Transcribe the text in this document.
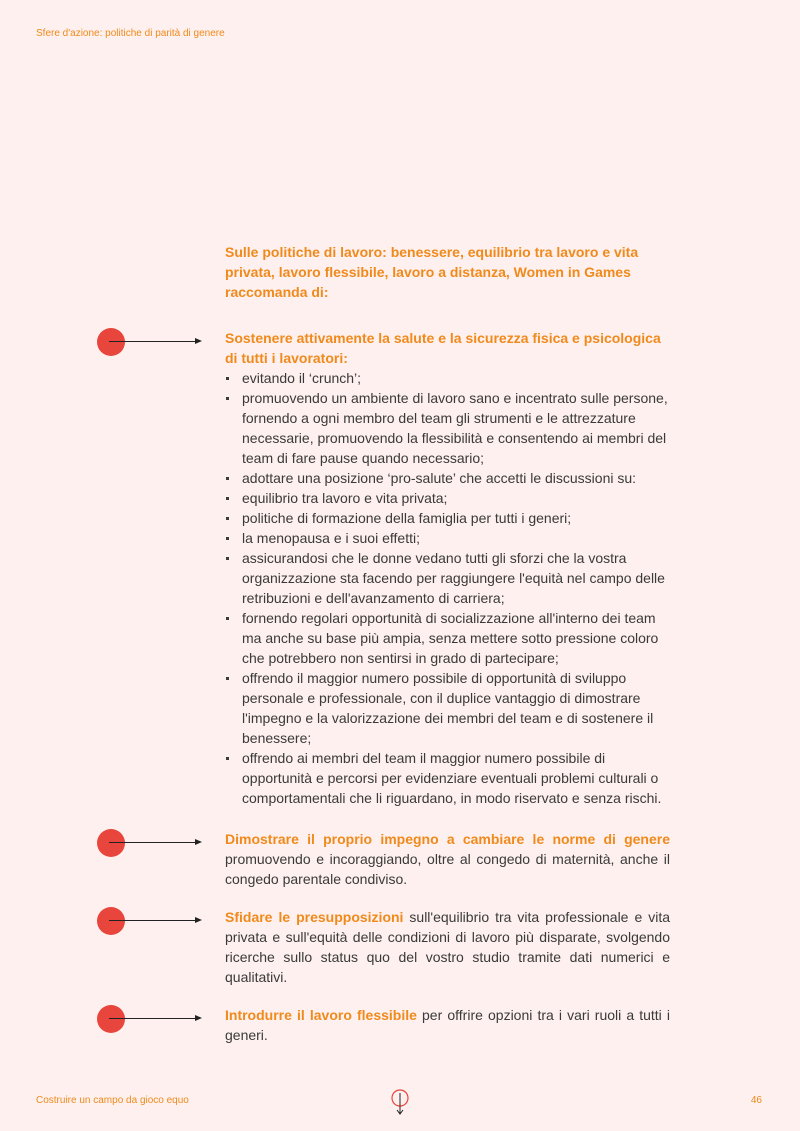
Sfere d'azione: politiche di parità di genere

Sulle politiche di lavoro: benessere, equilibrio tra lavoro e vita privata, lavoro flessibile, lavoro a distanza, Women in Games raccomanda di:

Sostenere attivamente la salute e la sicurezza fisica e psicologica di tutti i lavoratori:

evitando il ‘crunch’;
promuovendo un ambiente di lavoro sano e incentrato sulle persone, fornendo a ogni membro del team gli strumenti e le attrezzature necessarie, promuovendo la flessibilità e consentendo ai membri del team di fare pause quando necessario;
adottare una posizione ‘pro-salute’ che accetti le discussioni su:
equilibrio tra lavoro e vita privata;
politiche di formazione della famiglia per tutti i generi;
la menopausa e i suoi effetti;
assicurandosi che le donne vedano tutti gli sforzi che la vostra organizzazione sta facendo per raggiungere l'equità nel campo delle retribuzioni e dell'avanzamento di carriera;
fornendo regolari opportunità di socializzazione all'interno dei team ma anche su base più ampia, senza mettere sotto pressione coloro che potrebbero non sentirsi in grado di partecipare;
offrendo il maggior numero possibile di opportunità di sviluppo personale e professionale, con il duplice vantaggio di dimostrare l'impegno e la valorizzazione dei membri del team e di sostenere il benessere;
offrendo ai membri del team il maggior numero possibile di opportunità e percorsi per evidenziare eventuali problemi culturali o comportamentali che li riguardano, in modo riservato e senza rischi.

Dimostrare il proprio impegno a cambiare le norme di genere promuovendo e incoraggiando, oltre al congedo di maternità, anche il congedo parentale condiviso.

Sfidare le presupposizioni sull'equilibrio tra vita professionale e vita privata e sull'equità delle condizioni di lavoro più disparate, svolgendo ricerche sullo status quo del vostro studio tramite dati numerici e qualitativi.

Introdurre il lavoro flessibile per offrire opzioni tra i vari ruoli a tutti i generi.

Costruire un campo da gioco equo	46
